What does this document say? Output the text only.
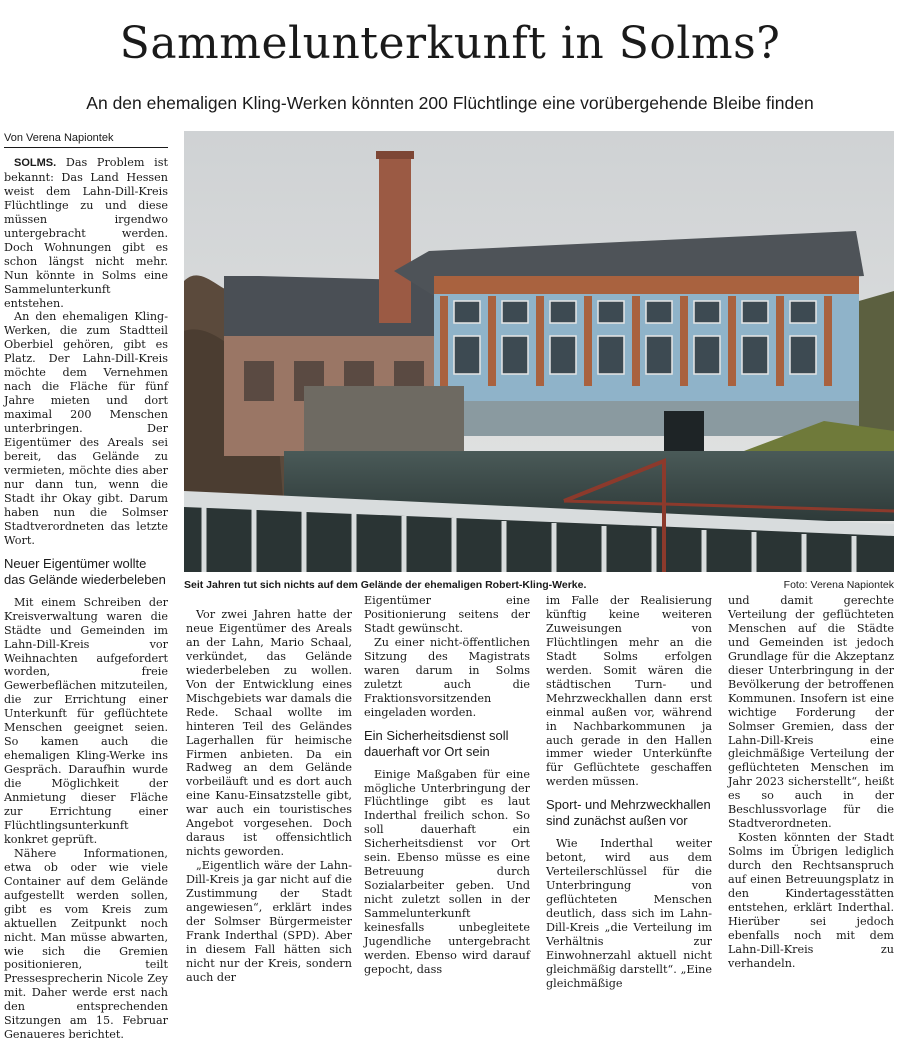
Sammelunterkunft in Solms?
An den ehemaligen Kling-Werken könnten 200 Flüchtlinge eine vorübergehende Bleibe finden
Von Verena Napiontek

SOLMS. Das Problem ist bekannt: Das Land Hessen weist dem Lahn-Dill-Kreis Flüchtlinge zu und diese müssen irgendwo untergebracht werden. Doch Wohnungen gibt es schon längst nicht mehr. Nun könnte in Solms eine Sammelunterkunft entstehen.

An den ehemaligen Kling-Werken, die zum Stadtteil Oberbiel gehören, gibt es Platz. Der Lahn-Dill-Kreis möchte dem Vernehmen nach die Fläche für fünf Jahre mieten und dort maximal 200 Menschen unterbringen. Der Eigentümer des Areals sei bereit, das Gelände zu vermieten, möchte dies aber nur dann tun, wenn die Stadt ihr Okay gibt. Darum haben nun die Solmser Stadtverordneten das letzte Wort.

Neuer Eigentümer wollte das Gelände wiederbeleben

Mit einem Schreiben der Kreisverwaltung waren die Städte und Gemeinden im Lahn-Dill-Kreis vor Weihnachten aufgefordert worden, freie Gewerbeflächen mitzuteilen, die zur Errichtung einer Unterkunft für geflüchtete Menschen geeignet seien. So kamen auch die ehemaligen Kling-Werke ins Gespräch. Daraufhin wurde die Möglichkeit der Anmietung dieser Fläche zur Errichtung einer Flüchtlingsunterkunft konkret geprüft.

Nähere Informationen, etwa ob oder wie viele Container auf dem Gelände aufgestellt werden sollen, gibt es vom Kreis zum aktuellen Zeitpunkt noch nicht. Man müsse abwarten, wie sich die Gremien positionieren, teilt Pressesprecherin Nicole Zey mit. Daher werde erst nach den entsprechenden Sitzungen am 15. Februar Genaueres berichtet.

Seit Jahren tut sich nichts auf dem Gelände der ehemaligen Robert-Kling-Werke.	Foto: Verena Napiontek

Vor zwei Jahren hatte der neue Eigentümer des Areals an der Lahn, Mario Schaal, verkündet, das Gelände wiederbeleben zu wollen. Von der Entwicklung eines Mischgebiets war damals die Rede. Schaal wollte im hinteren Teil des Geländes Lagerhallen für heimische Firmen anbieten. Da ein Radweg an dem Gelände vorbeiläuft und es dort auch eine Kanu-Einsatzstelle gibt, war auch ein touristisches Angebot vorgesehen. Doch daraus ist offensichtlich nichts geworden.

„Eigentlich wäre der Lahn-Dill-Kreis ja gar nicht auf die Zustimmung der Stadt angewiesen“, erklärt indes der Solmser Bürgermeister Frank Inderthal (SPD). Aber in diesem Fall hätten sich nicht nur der Kreis, sondern auch der

Eigentümer eine Positionierung seitens der Stadt gewünscht.

Zu einer nicht-öffentlichen Sitzung des Magistrats waren darum in Solms zuletzt auch die Fraktionsvorsitzenden eingeladen worden.

Ein Sicherheitsdienst soll dauerhaft vor Ort sein

Einige Maßgaben für eine mögliche Unterbringung der Flüchtlinge gibt es laut Inderthal freilich schon. So soll dauerhaft ein Sicherheitsdienst vor Ort sein. Ebenso müsse es eine Betreuung durch Sozialarbeiter geben. Und nicht zuletzt sollen in der Sammelunterkunft keinesfalls unbegleitete Jugendliche untergebracht werden. Ebenso wird darauf gepocht, dass

im Falle der Realisierung künftig keine weiteren Zuweisungen von Flüchtlingen mehr an die Stadt Solms erfolgen werden. Somit wären die städtischen Turn- und Mehrzweckhallen dann erst einmal außen vor, während in Nachbarkommunen ja auch gerade in den Hallen immer wieder Unterkünfte für Geflüchtete geschaffen werden müssen.

Sport- und Mehrzweckhallen sind zunächst außen vor

Wie Inderthal weiter betont, wird aus dem Verteilerschlüssel für die Unterbringung von geflüchteten Menschen deutlich, dass sich im Lahn-Dill-Kreis „die Verteilung im Verhältnis zur Einwohnerzahl aktuell nicht gleichmäßig darstellt“. „Eine gleichmäßige

und damit gerechte Verteilung der geflüchteten Menschen auf die Städte und Gemeinden ist jedoch Grundlage für die Akzeptanz dieser Unterbringung in der Bevölkerung der betroffenen Kommunen. Insofern ist eine wichtige Forderung der Solmser Gremien, dass der Lahn-Dill-Kreis eine gleichmäßige Verteilung der geflüchteten Menschen im Jahr 2023 sicherstellt“, heißt es so auch in der Beschlussvorlage für die Stadtverordneten.

Kosten könnten der Stadt Solms im Übrigen lediglich durch den Rechtsanspruch auf einen Betreuungsplatz in den Kindertagesstätten entstehen, erklärt Inderthal. Hierüber sei jedoch ebenfalls noch mit dem Lahn-Dill-Kreis zu verhandeln.
